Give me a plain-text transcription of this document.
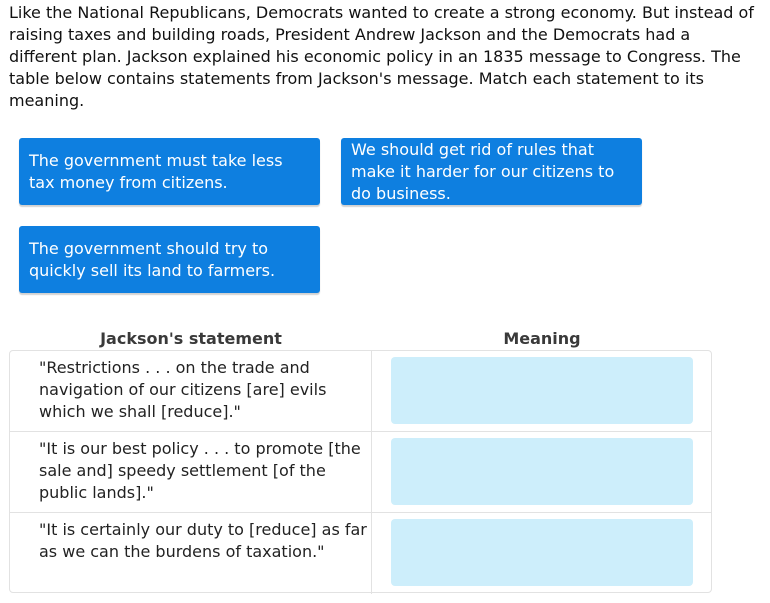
Like the National Republicans, Democrats wanted to create a strong economy. But instead of raising taxes and building roads, President Andrew Jackson and the Democrats had a different plan. Jackson explained his economic policy in an 1835 message to Congress. The table below contains statements from Jackson's message. Match each statement to its meaning.

The government must take less tax money from citizens.
We should get rid of rules that make it harder for our citizens to do business.
The government should try to quickly sell its land to farmers.
Jackson's statement	Meaning
"Restrictions . . . on the trade and navigation of our citizens [are] evils which we shall [reduce]."
"It is our best policy . . . to promote [the sale and] speedy settlement [of the public lands]."
"It is certainly our duty to [reduce] as far as we can the burdens of taxation."
